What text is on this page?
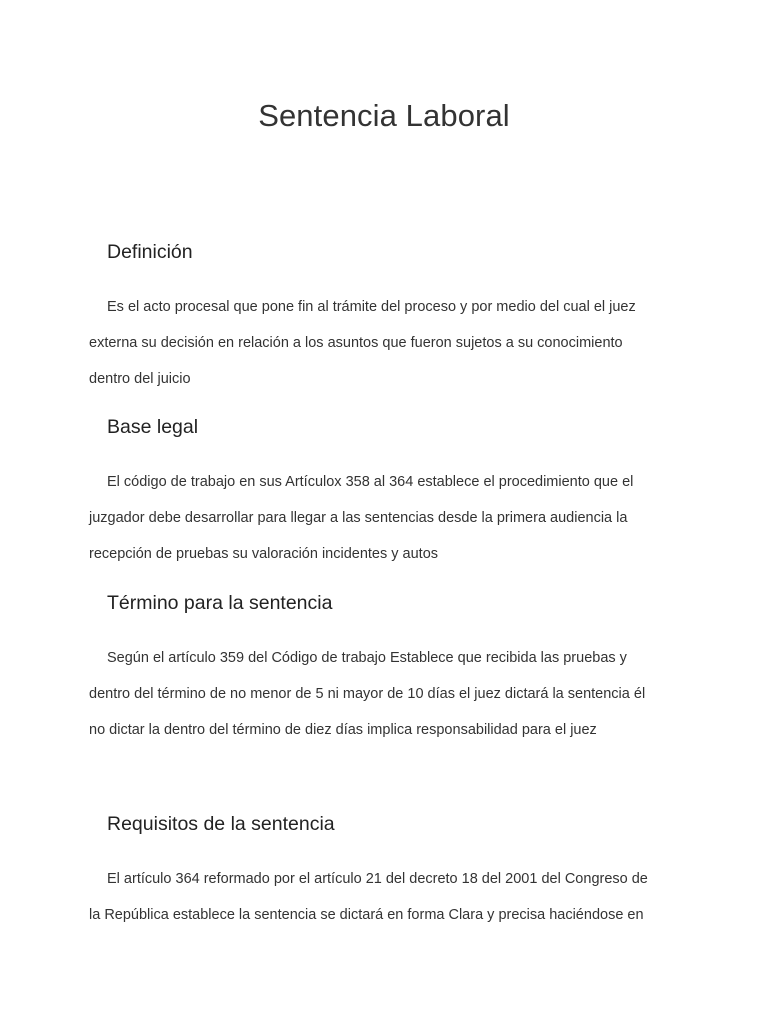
Sentencia Laboral
Definición

Es el acto procesal que pone fin al trámite del proceso y por medio del cual el juez
externa su decisión en relación a los asuntos que fueron sujetos a su conocimiento
dentro del juicio

Base legal

El código de trabajo en sus Artículox 358 al 364 establece el procedimiento que el
juzgador debe desarrollar para llegar a las sentencias desde la primera audiencia la
recepción de pruebas su valoración incidentes y autos

Término para la sentencia

Según el artículo 359 del Código de trabajo Establece que recibida las pruebas y
dentro del término de no menor de 5 ni mayor de 10 días el juez dictará la sentencia él
no dictar la dentro del término de diez días implica responsabilidad para el juez

Requisitos de la sentencia

El artículo 364 reformado por el artículo 21 del decreto 18 del 2001 del Congreso de
la República establece la sentencia se dictará en forma Clara y precisa haciéndose en
